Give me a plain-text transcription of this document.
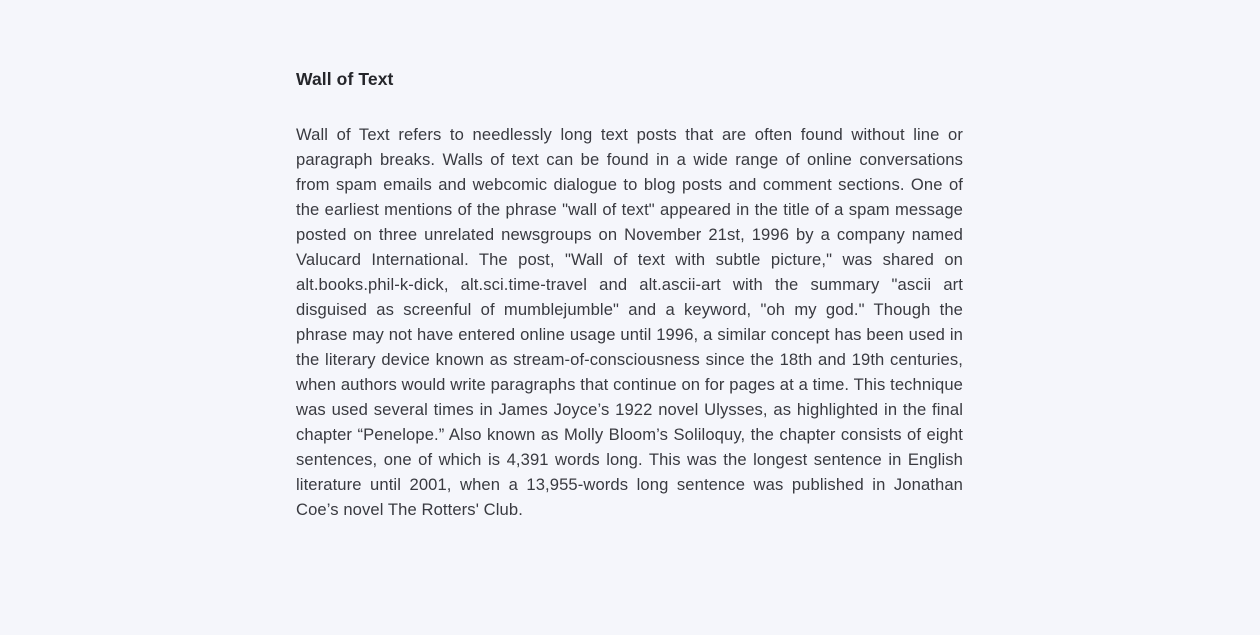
Wall of Text

Wall of Text refers to needlessly long text posts that are often found without line or paragraph breaks. Walls of text can be found in a wide range of online conversations from spam emails and webcomic dialogue to blog posts and comment sections. One of the earliest mentions of the phrase "wall of text" appeared in the title of a spam message posted on three unrelated newsgroups on November 21st, 1996 by a company named Valucard International. The post, "Wall of text with subtle picture," was shared on alt.books.phil-k-dick, alt.sci.time-travel and alt.ascii-art with the summary "ascii art disguised as screenful of mumblejumble" and a keyword, "oh my god." Though the phrase may not have entered online usage until 1996, a similar concept has been used in the literary device known as stream-of-consciousness since the 18th and 19th centuries, when authors would write paragraphs that continue on for pages at a time. This technique was used several times in James Joyce’s 1922 novel Ulysses, as highlighted in the final chapter “Penelope.” Also known as Molly Bloom’s Soliloquy, the chapter consists of eight sentences, one of which is 4,391 words long. This was the longest sentence in English literature until 2001, when a 13,955-words long sentence was published in Jonathan Coe’s novel The Rotters' Club.
